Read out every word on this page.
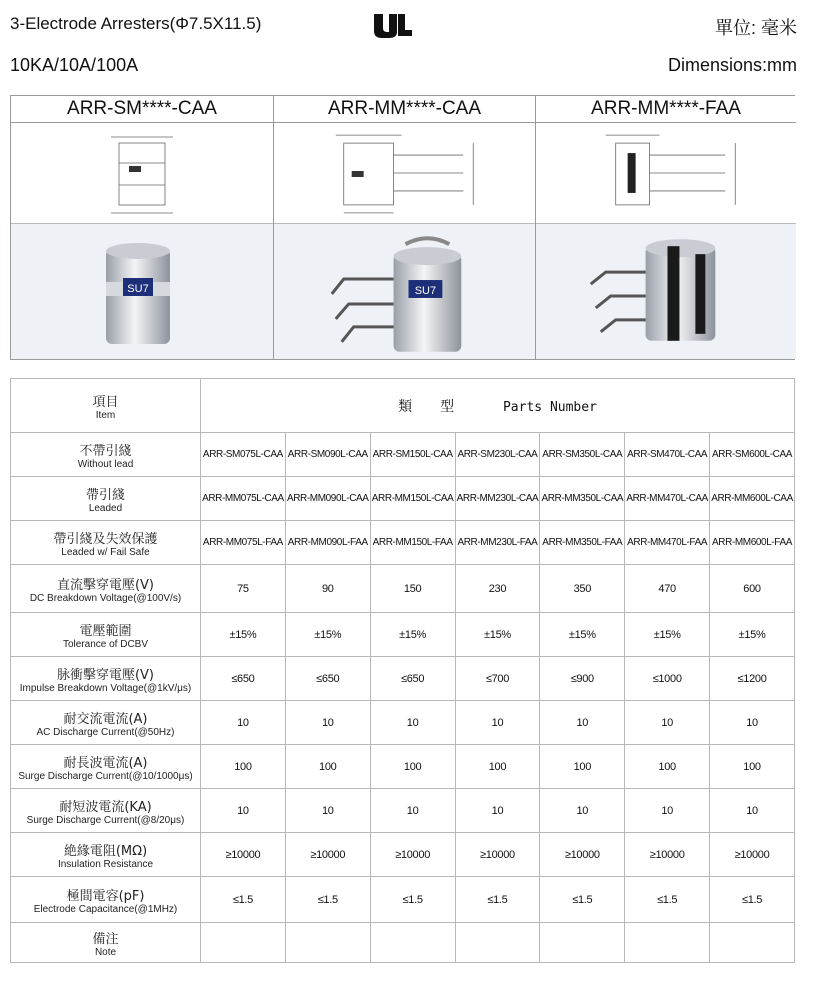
3-Electrode Arresters(Φ7.5X11.5)
10KA/10A/100A
單位: 毫米
Dimensions:mm
ARR-SM****-CAA
SU7
ARR-MM****-CAA
SU7
ARR-MM****-FAA
項目
Item	類　　型 Parts Number						

不帶引綫
Without lead	ARR-SM075L-CAA	ARR-SM090L-CAA	ARR-SM150L-CAA	ARR-SM230L-CAA	ARR-SM350L-CAA	ARR-SM470L-CAA	ARR-SM600L-CAA

帶引綫
Leaded	ARR-MM075L-CAA	ARR-MM090L-CAA	ARR-MM150L-CAA	ARR-MM230L-CAA	ARR-MM350L-CAA	ARR-MM470L-CAA	ARR-MM600L-CAA

帶引綫及失效保護
Leaded w/ Fail Safe	ARR-MM075L-FAA	ARR-MM090L-FAA	ARR-MM150L-FAA	ARR-MM230L-FAA	ARR-MM350L-FAA	ARR-MM470L-FAA	ARR-MM600L-FAA

直流擊穿電壓(V)
DC Breakdown Voltage(@100V/s)	75	90	150	230	350	470	600

電壓範圍
Tolerance of DCBV	±15%	±15%	±15%	±15%	±15%	±15%	±15%

脉衝擊穿電壓(V)
Impulse Breakdown Voltage(@1kV/μs)	≤650	≤650	≤650	≤700	≤900	≤1000	≤1200

耐交流電流(A)
AC Discharge Current(@50Hz)	10	10	10	10	10	10	10

耐長波電流(A)
Surge Discharge Current(@10/1000μs)	100	100	100	100	100	100	100

耐短波電流(KA)
Surge Discharge Current(@8/20μs)	10	10	10	10	10	10	10

絶緣電阻(MΩ)
Insulation Resistance	≥10000	≥10000	≥10000	≥10000	≥10000	≥10000	≥10000

極間電容(pF)
Electrode Capacitance(@1MHz)	≤1.5	≤1.5	≤1.5	≤1.5	≤1.5	≤1.5	≤1.5

備注
Note							
